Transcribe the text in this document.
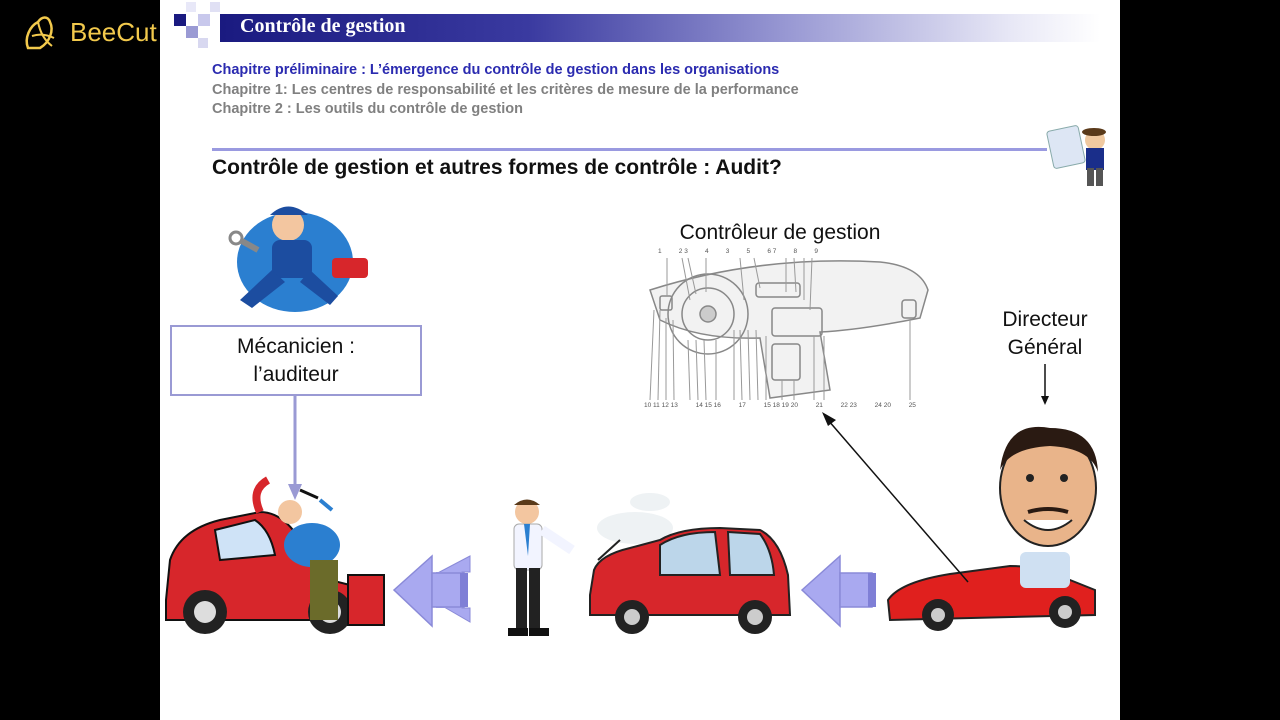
BeeCut	Contrôle de gestion
Chapitre préliminaire : L’émergence du contrôle de gestion dans les organisations
Chapitre 1: Les centres de responsabilité et les critères de mesure de la performance
Chapitre 2 : Les outils du contrôle de gestion
Contrôle de gestion et autres formes de contrôle : Audit?
Mécanicien :
l’auditeur
Contrôleur de gestion
Directeur
Général
1	2 3	4	3	5	6 7	8	9
10 11 12 13	14 15 16	17	15 18 19 20	21	22 23	24 20	25
